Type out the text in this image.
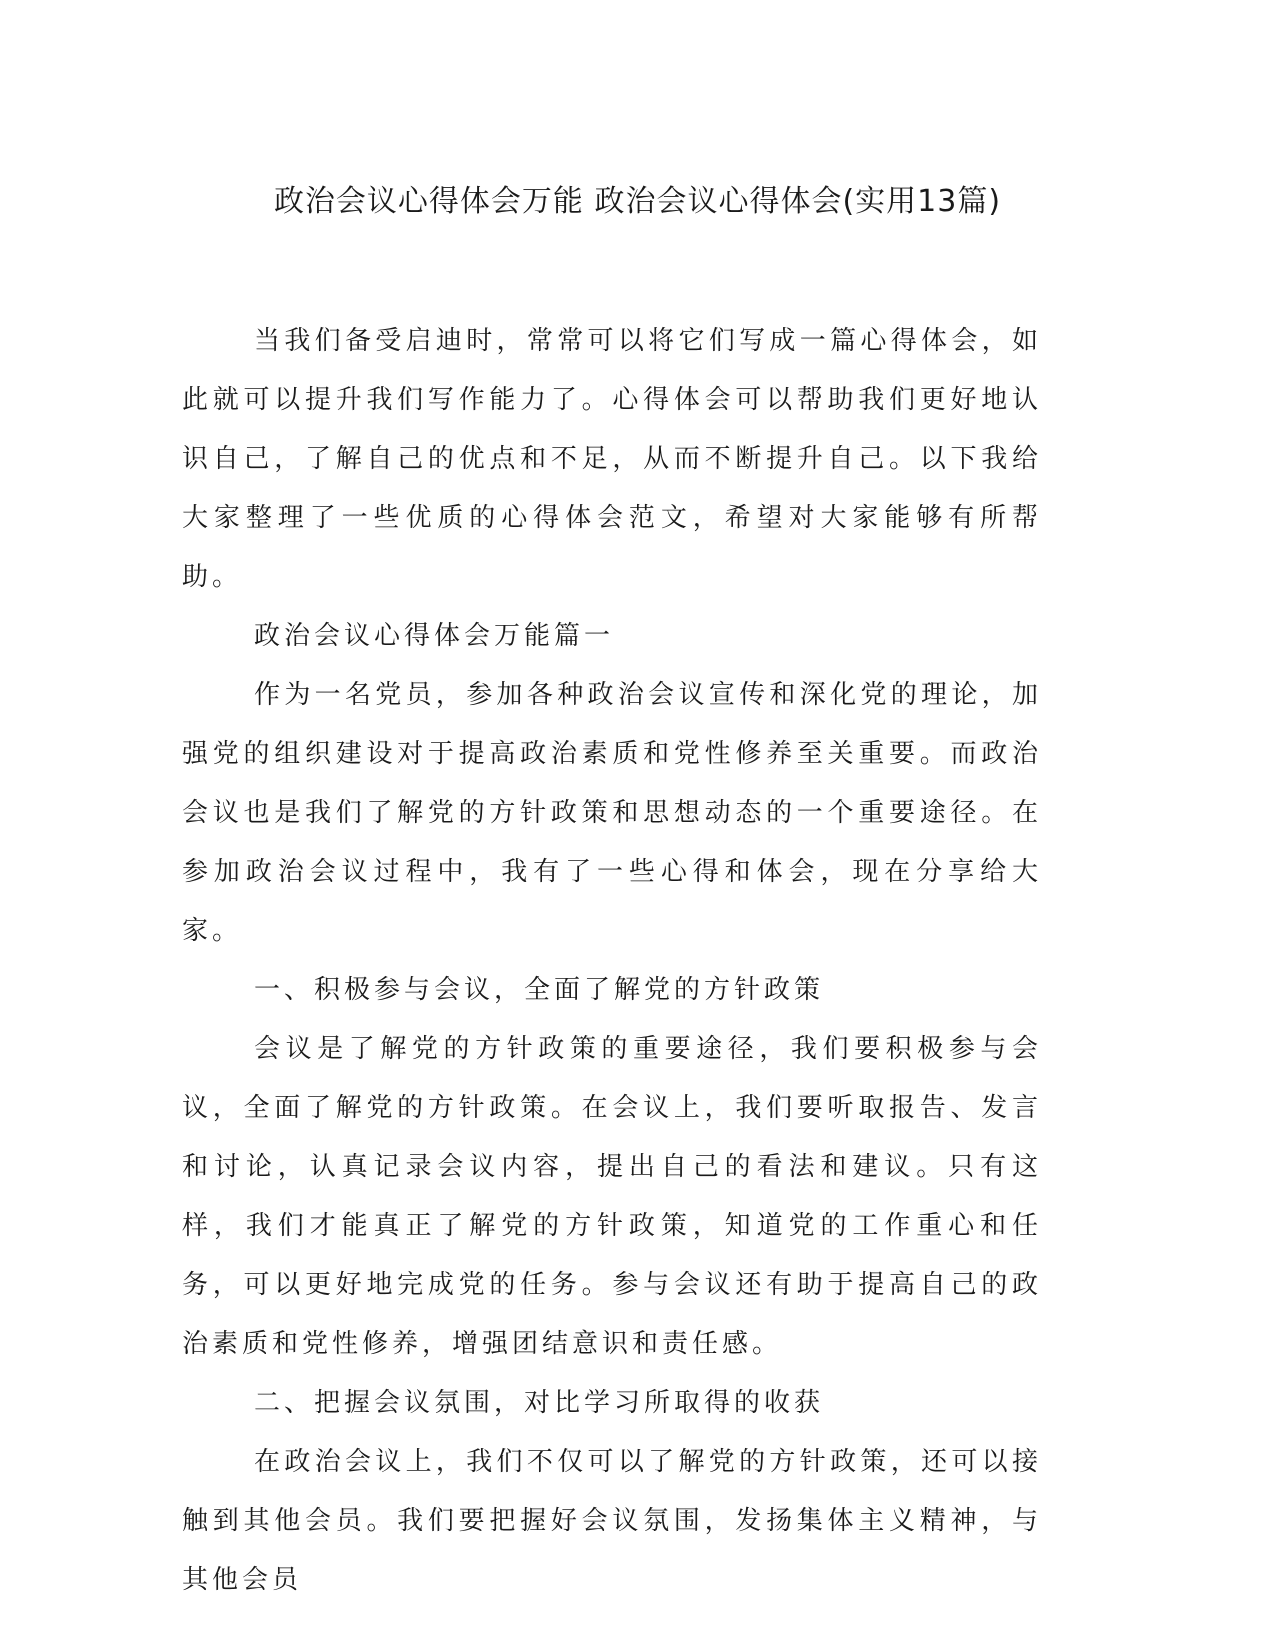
政治会议心得体会万能 政治会议心得体会(实用13篇)

当我们备受启迪时，常常可以将它们写成一篇心得体会，如此就可以提升我们写作能力了。心得体会可以帮助我们更好地认识自己，了解自己的优点和不足，从而不断提升自己。以下我给大家整理了一些优质的心得体会范文，希望对大家能够有所帮助。

政治会议心得体会万能篇一

作为一名党员，参加各种政治会议宣传和深化党的理论，加强党的组织建设对于提高政治素质和党性修养至关重要。而政治会议也是我们了解党的方针政策和思想动态的一个重要途径。在参加政治会议过程中，我有了一些心得和体会，现在分享给大家。

一、积极参与会议，全面了解党的方针政策

会议是了解党的方针政策的重要途径，我们要积极参与会议，全面了解党的方针政策。在会议上，我们要听取报告、发言和讨论，认真记录会议内容，提出自己的看法和建议。只有这样，我们才能真正了解党的方针政策，知道党的工作重心和任务，可以更好地完成党的任务。参与会议还有助于提高自己的政治素质和党性修养，增强团结意识和责任感。

二、把握会议氛围，对比学习所取得的收获

在政治会议上，我们不仅可以了解党的方针政策，还可以接触到其他会员。我们要把握好会议氛围，发扬集体主义精神，与其他会员
